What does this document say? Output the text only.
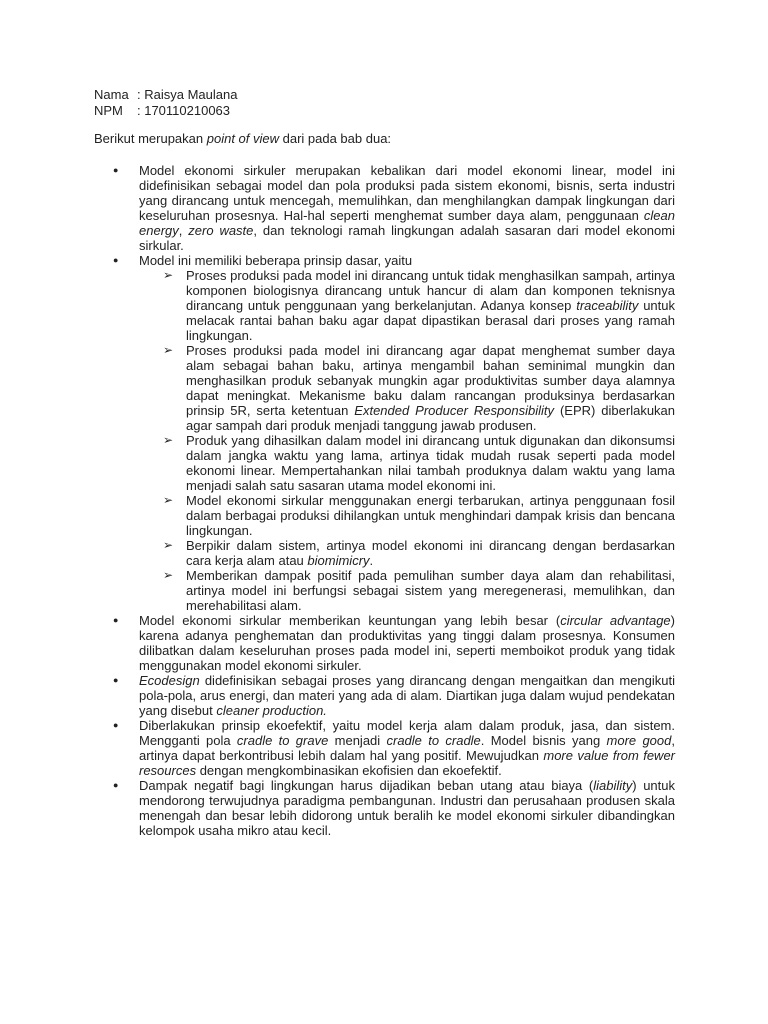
Nama : Raisya Maulana
NPM	: 170110210063
Berikut merupakan point of view dari pada bab dua:
●	Model ekonomi sirkuler merupakan kebalikan dari model ekonomi linear, model ini didefinisikan sebagai model dan pola produksi pada sistem ekonomi, bisnis, serta industri yang dirancang untuk mencegah, memulihkan, dan menghilangkan dampak lingkungan dari keseluruhan prosesnya. Hal-hal seperti menghemat sumber daya alam, penggunaan clean energy, zero waste, dan teknologi ramah lingkungan adalah sasaran dari model ekonomi sirkular.
●	Model ini memiliki beberapa prinsip dasar, yaitu
➢ Proses produksi pada model ini dirancang untuk tidak menghasilkan sampah, artinya komponen biologisnya dirancang untuk hancur di alam dan komponen teknisnya dirancang untuk penggunaan yang berkelanjutan. Adanya konsep traceability untuk melacak rantai bahan baku agar dapat dipastikan berasal dari proses yang ramah lingkungan.
➢ Proses produksi pada model ini dirancang agar dapat menghemat sumber daya alam sebagai bahan baku, artinya mengambil bahan seminimal mungkin dan menghasilkan produk sebanyak mungkin agar produktivitas sumber daya alamnya dapat meningkat. Mekanisme baku dalam rancangan produksinya berdasarkan prinsip 5R, serta ketentuan Extended Producer Responsibility (EPR) diberlakukan agar sampah dari produk menjadi tanggung jawab produsen.
➢ Produk yang dihasilkan dalam model ini dirancang untuk digunakan dan dikonsumsi dalam jangka waktu yang lama, artinya tidak mudah rusak seperti pada model ekonomi linear. Mempertahankan nilai tambah produknya dalam waktu yang lama menjadi salah satu sasaran utama model ekonomi ini.
➢ Model ekonomi sirkular menggunakan energi terbarukan, artinya penggunaan fosil dalam berbagai produksi dihilangkan untuk menghindari dampak krisis dan bencana lingkungan.
➢ Berpikir dalam sistem, artinya model ekonomi ini dirancang dengan berdasarkan cara kerja alam atau biomimicry.
➢ Memberikan dampak positif pada pemulihan sumber daya alam dan rehabilitasi, artinya model ini berfungsi sebagai sistem yang meregenerasi, memulihkan, dan merehabilitasi alam.
●	Model ekonomi sirkular memberikan keuntungan yang lebih besar (circular advantage) karena adanya penghematan dan produktivitas yang tinggi dalam prosesnya. Konsumen dilibatkan dalam keseluruhan proses pada model ini, seperti memboikot produk yang tidak menggunakan model ekonomi sirkuler.
●	Ecodesign didefinisikan sebagai proses yang dirancang dengan mengaitkan dan mengikuti pola-pola, arus energi, dan materi yang ada di alam. Diartikan juga dalam wujud pendekatan yang disebut cleaner production.
●	Diberlakukan prinsip ekoefektif, yaitu model kerja alam dalam produk, jasa, dan sistem. Mengganti pola cradle to grave menjadi cradle to cradle. Model bisnis yang more good, artinya dapat berkontribusi lebih dalam hal yang positif. Mewujudkan more value from fewer resources dengan mengkombinasikan ekofisien dan ekoefektif.
●	Dampak negatif bagi lingkungan harus dijadikan beban utang atau biaya (liability) untuk mendorong terwujudnya paradigma pembangunan. Industri dan perusahaan produsen skala menengah dan besar lebih didorong untuk beralih ke model ekonomi sirkuler dibandingkan kelompok usaha mikro atau kecil.
